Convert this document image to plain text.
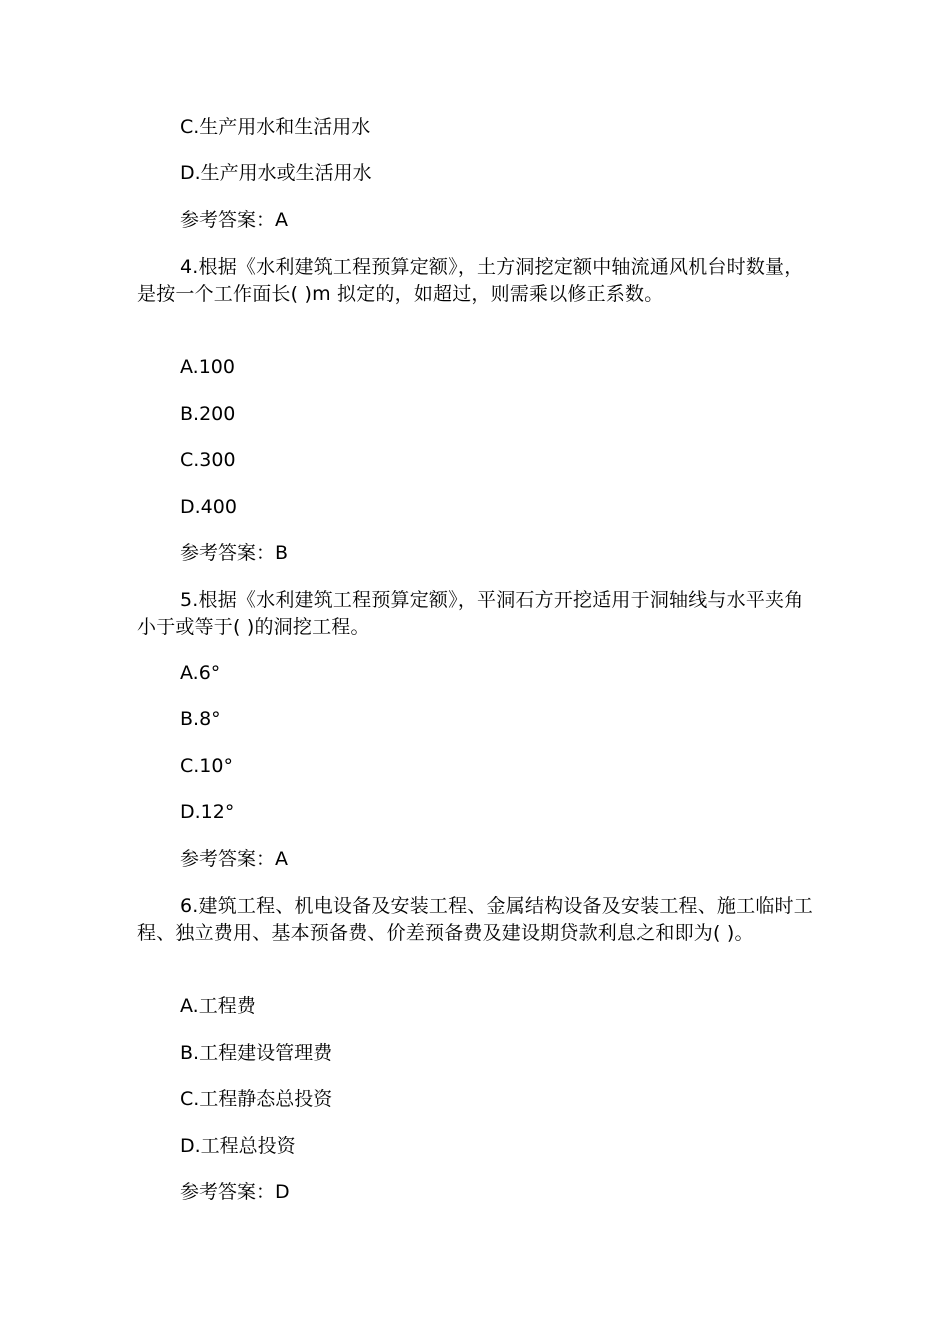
C.生产用水和生活用水
D.生产用水或生活用水
参考答案：A
4.根据《水利建筑工程预算定额》，土方洞挖定额中轴流通风机台时数量，是按一个工作面长( )m 拟定的，如超过，则需乘以修正系数。
A.100
B.200
C.300
D.400
参考答案：B
5.根据《水利建筑工程预算定额》，平洞石方开挖适用于洞轴线与水平夹角小于或等于( )的洞挖工程。
A.6°
B.8°
C.10°
D.12°
参考答案：A
6.建筑工程、机电设备及安装工程、金属结构设备及安装工程、施工临时工程、独立费用、基本预备费、价差预备费及建设期贷款利息之和即为( )。
A.工程费
B.工程建设管理费
C.工程静态总投资
D.工程总投资
参考答案：D
